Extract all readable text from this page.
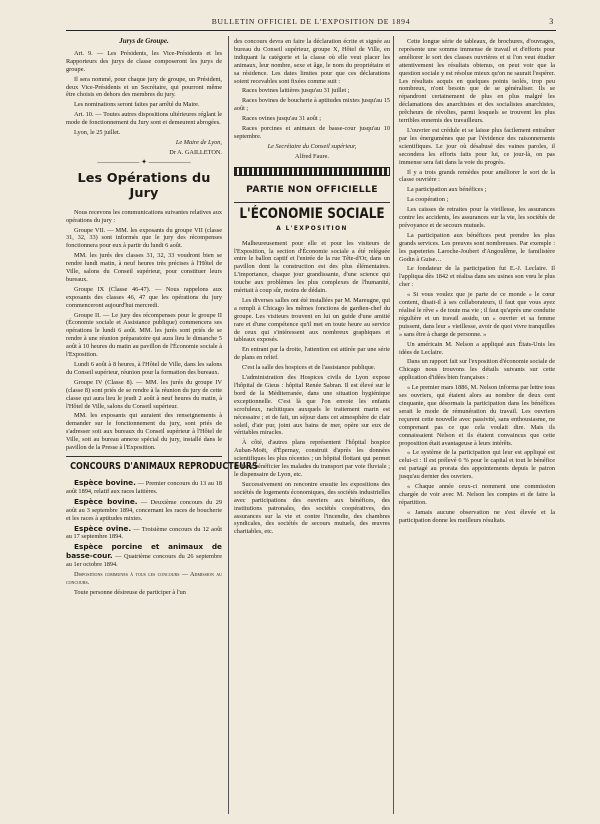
BULLETIN OFFICIEL DE L'EXPOSITION DE 1894	3
Jurys de Groupe.

Art. 9. — Les Présidents, les Vice-Présidents et les Rapporteurs des jurys de classe composeront les jurys de groupe.

Il sera nommé, pour chaque jury de groupe, un Président, deux Vice-Présidents et un Secrétaire, qui pourront même être choisis en dehors des membres du jury.

Les nominations seront faites par arrêté du Maire.

Art. 10. — Toutes autres dispositions ultérieures réglant le mode de fonctionnement du Jury sont et demeurent abrogées.

Lyon, le 25 juillet.

Le Maire de Lyon,

Dr A. GAILLETON.

—————— ✦ ——————
Les Opérations du Jury

Nous recevons les communications suivantes relatives aux opérations du jury :

Groupe VII. — MM. les exposants du groupe VII (classe 31, 32, 33) sont informés que le jury des récompenses fonctionnera pour eux à partir du lundi 6 août.

MM. les jurés des classes 31, 32, 33 voudront bien se rendre lundi matin, à neuf heures très précises à l'Hôtel de Ville, salons du Conseil supérieur, pour constituer leurs bureaux.

Groupe IX (Classe 46-47). — Nous rappelons aux exposants des classes 46, 47 que les opérations du jury commenceront aujourd'hui mercredi.

Groupe II. — Le jury des récompenses pour le groupe II (Économie sociale et Assistance publique) commencera ses opérations le lundi 6 août. MM. les jurés sont priés de se rendre à une réunion préparatoire qui aura lieu le dimanche 5 août à 10 heures du matin au pavillon de l'Économie sociale à l'Exposition.

Lundi 6 août à 8 heures, à l'Hôtel de Ville, dans les salons du Conseil supérieur, réunion pour la formation des bureaux.

Groupe IV (Classe 8). — MM. les jurés du groupe IV (classe 8) sont priés de se rendre à la réunion du jury de cette classe qui aura lieu le jeudi 2 août à neuf heures du matin, à l'Hôtel de Ville, salons du Conseil supérieur.

MM. les exposants qui auraient des renseignements à demander sur le fonctionnement du jury, sont priés de s'adresser soit aux bureaux du Conseil supérieur à l'Hôtel de Ville, soit au bureau annexe spécial du jury, installé dans le pavillon de la Presse à l'Exposition.

CONCOURS D'ANIMAUX REPRODUCTEURS

Espèce bovine. — Premier concours du 13 au 18 août 1894, relatif aux races laitières.

Espèce bovine. — Deuxième concours du 29 août au 3 septembre 1894, concernant les races de boucherie et les races à aptitudes mixtes.

Espèce ovine. — Troisième concours du 12 août au 17 septembre 1894.

Espèce porcine et animaux de basse-cour. — Quatrième concours du 26 septembre au 1er octobre 1894.

Dispositions communes à tous les concours — Admission au concours.

Toute personne désireuse de participer à l'un

des concours devra en faire la déclaration écrite et signée au bureau du Conseil supérieur, groupe X, Hôtel de Ville, en indiquant la catégorie et la classe où elle veut placer les animaux, leur nombre, sexe et âge, le nom du propriétaire et sa résidence. Les dates limites pour que ces déclarations soient recevables sont fixées comme suit :

Races bovines laitières jusqu'au 31 juillet ;

Races bovines de boucherie à aptitudes mixtes jusqu'au 15 août ;

Races ovines jusqu'au 31 août ;

Races porcines et animaux de basse-cour jusqu'au 10 septembre.

Le Secrétaire du Conseil supérieur,

Alfred Faure.

PARTIE NON OFFICIELLE
L'ÉCONOMIE SOCIALE
A L'EXPOSITION

Malheureusement pour elle et pour les visiteurs de l'Exposition, la section d'Économie sociale a été reléguée entre le ballon captif et l'entrée de la rue Tête-d'Or, dans un pavillon dont la construction est des plus élémentaires. L'importance, chaque jour grandissante, d'une science qui touche aux problèmes les plus complexes de l'humanité, méritait à coup sûr, moins de dédain.

Les diverses salles ont été installées par M. Mareugne, qui a rempli à Chicago les mêmes fonctions de gardien-chef du groupe. Les visiteurs trouvent en lui un guide d'une amitié rare et d'une compétence qu'il met en toute heure au service de ceux qui s'intéressent aux nombreux graphiques et tableaux exposés.

En entrant par la droite, l'attention est attirée par une série de plans en relief.

C'est la salle des hospices et de l'assistance publique.

L'administration des Hospices civils de Lyon expose l'hôpital de Gieus : hôpital Renée Sabran. Il est élevé sur le bord de la Méditerranée, dans une situation hygiénique exceptionnelle. C'est là que l'on envoie les enfants scrofuleux, rachitiques auxquels le traitement marin est nécessaire ; et de fait, un séjour dans cet atmosphère de clair soleil, d'air pur, joint aux bains de mer, opère sur eux de véritables miracles.

À côté, d'autres plans représentent l'hôpital hospice Auban-Moët, d'Épernay, construit d'après les données scientifiques les plus récentes ; un hôpital flottant qui permet de faire bénéficier les malades du transport par voie fluviale ; le dispensaire de Lyon, etc.

Successivement on rencontre ensuite les expositions des sociétés de logements économiques, des sociétés industrielles avec participations des ouvriers aux bénéfices, des institutions patronales, des sociétés coopératives, des assurances sur la vie et contre l'incendie, des chambres syndicales, des sociétés de secours mutuels, des œuvres charitables, etc.

Cette longue série de tableaux, de brochures, d'ouvrages, représente une somme immense de travail et d'efforts pour améliorer le sort des classes ouvrières et si l'on veut étudier attentivement les résultats obtenus, on peut voir que la question sociale y est résolue mieux qu'on ne saurait l'espérer. Les résultats acquis en quelques points isolés, trop peu nombreux, n'ont besoin que de se généraliser. Ils se répandront certainement de plus en plus malgré les déclamations des anarchistes et des socialistes anarchistes, prêcheurs de révoltes, parmi lesquels se trouvent les plus terribles ennemis des travailleurs.

L'ouvrier est crédule et se laisse plus facilement entraîner par les énergumènes que par l'évidence des raisonnements scientifiques. Le jour où désabusé des vaines paroles, il secondera les efforts faits pour lui, ce jour-là, on pas immense sera fait dans la voie du progrès.

Il y a trois grands remèdes pour améliorer le sort de la classe ouvrière :

La participation aux bénéfices ;

La coopération ;

Les caisses de retraites pour la vieillesse, les assurances contre les accidents, les assurances sur la vie, les sociétés de prévoyance et de secours mutuels.

La participation aux bénéfices peut prendre les plus grands services. Les preuves sont nombreuses. Par exemple : les papeteries Laroche-Joubert d'Angoulême, le familistère Godin à Guise…

Le fondateur de la participation fut E.-J. Leclaire. Il l'appliqua dès 1842 et réalisa dans ses usines son vœu le plus cher :

« Si vous voulez que je parte de ce monde » le cœur content, disait-il à ses collaborateurs, il faut que vous ayez réalisé le rêve » de toute ma vie ; il faut qu'après une conduite régulière et un travail assidu, un » ouvrier et sa femme puissent, dans leur » vieillesse, avoir de quoi vivre tranquilles » sans être à charge de personne. »

Un américain M. Nelson a appliqué aux États-Unis les idées de Leclaire.

Dans un rapport fait sur l'exposition d'économie sociale de Chicago nous trouvons les détails suivants sur cette application d'idées bien françaises :

« Le premier mars 1886, M. Nelson informa par lettre tous ses ouvriers, qui étaient alors au nombre de deux cent cinquante, que désormais la participation dans les bénéfices serait le mode de rémunération du travail. Les ouvriers reçurent cette nouvelle avec passivité, sans enthousiasme, ne comprenant pas ce que cela voulait dire. Mais ils connaissaient Nelson et ils étaient convaincus que cette proposition était avantageuse à leurs intérêts.

« Le système de la participation qui leur est appliqué est celui-ci : Il est prélevé 6 % pour le capital et tout le bénéfice est partagé au prorata des appointements depuis le patron jusqu'au dernier des ouvriers.

« Chaque année ceux-ci nomment une commission chargée de voir avec M. Nelson les comptes et de faire la répartition.

« Jamais aucune observation ne s'est élevée et la participation donne les meilleurs résultats.
